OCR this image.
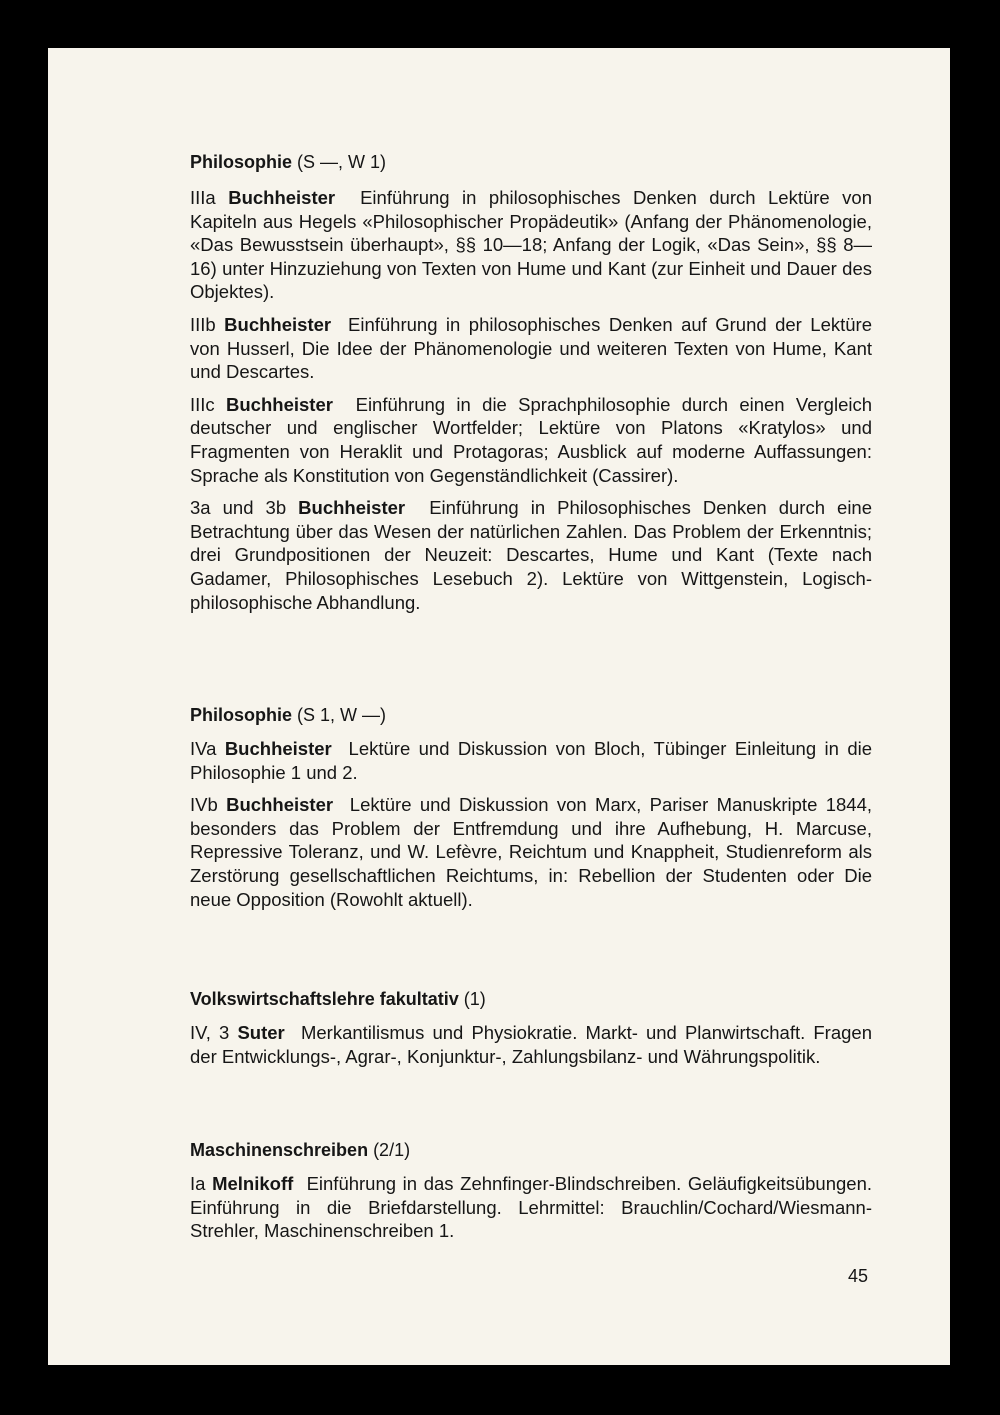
Philosophie (S —, W 1)

IIIa Buchheister Einführung in philosophisches Denken durch Lektüre von Kapiteln aus Hegels «Philosophischer Propädeutik» (Anfang der Phänomenologie, «Das Bewusstsein überhaupt», §§ 10—18; Anfang der Logik, «Das Sein», §§ 8—16) unter Hinzuziehung von Texten von Hume und Kant (zur Einheit und Dauer des Objektes).

IIIb Buchheister Einführung in philosophisches Denken auf Grund der Lektüre von Husserl, Die Idee der Phänomenologie und weiteren Texten von Hume, Kant und Descartes.

IIIc Buchheister Einführung in die Sprachphilosophie durch einen Vergleich deutscher und englischer Wortfelder; Lektüre von Platons «Kratylos» und Fragmenten von Heraklit und Protagoras; Ausblick auf moderne Auffassungen: Sprache als Konstitution von Gegenständlichkeit (Cassirer).

3a und 3b Buchheister Einführung in Philosophisches Denken durch eine Betrachtung über das Wesen der natürlichen Zahlen. Das Problem der Erkenntnis; drei Grundpositionen der Neuzeit: Descartes, Hume und Kant (Texte nach Gadamer, Philosophisches Lesebuch 2). Lektüre von Wittgenstein, Logisch-philosophische Abhandlung.

Philosophie (S 1, W —)

IVa Buchheister Lektüre und Diskussion von Bloch, Tübinger Einleitung in die Philosophie 1 und 2.

IVb Buchheister Lektüre und Diskussion von Marx, Pariser Manuskripte 1844, besonders das Problem der Entfremdung und ihre Aufhebung, H. Marcuse, Repressive Toleranz, und W. Lefèvre, Reichtum und Knappheit, Studienreform als Zerstörung gesellschaftlichen Reichtums, in: Rebellion der Studenten oder Die neue Opposition (Rowohlt aktuell).

Volkswirtschaftslehre fakultativ (1)

IV, 3 Suter Merkantilismus und Physiokratie. Markt- und Planwirtschaft. Fragen der Entwicklungs-, Agrar-, Konjunktur-, Zahlungsbilanz- und Währungspolitik.

Maschinenschreiben (2/1)

Ia Melnikoff Einführung in das Zehnfinger-Blindschreiben. Geläufigkeitsübungen. Einführung in die Briefdarstellung. Lehrmittel: Brauchlin/Cochard/Wiesmann-Strehler, Maschinenschreiben 1.

45
